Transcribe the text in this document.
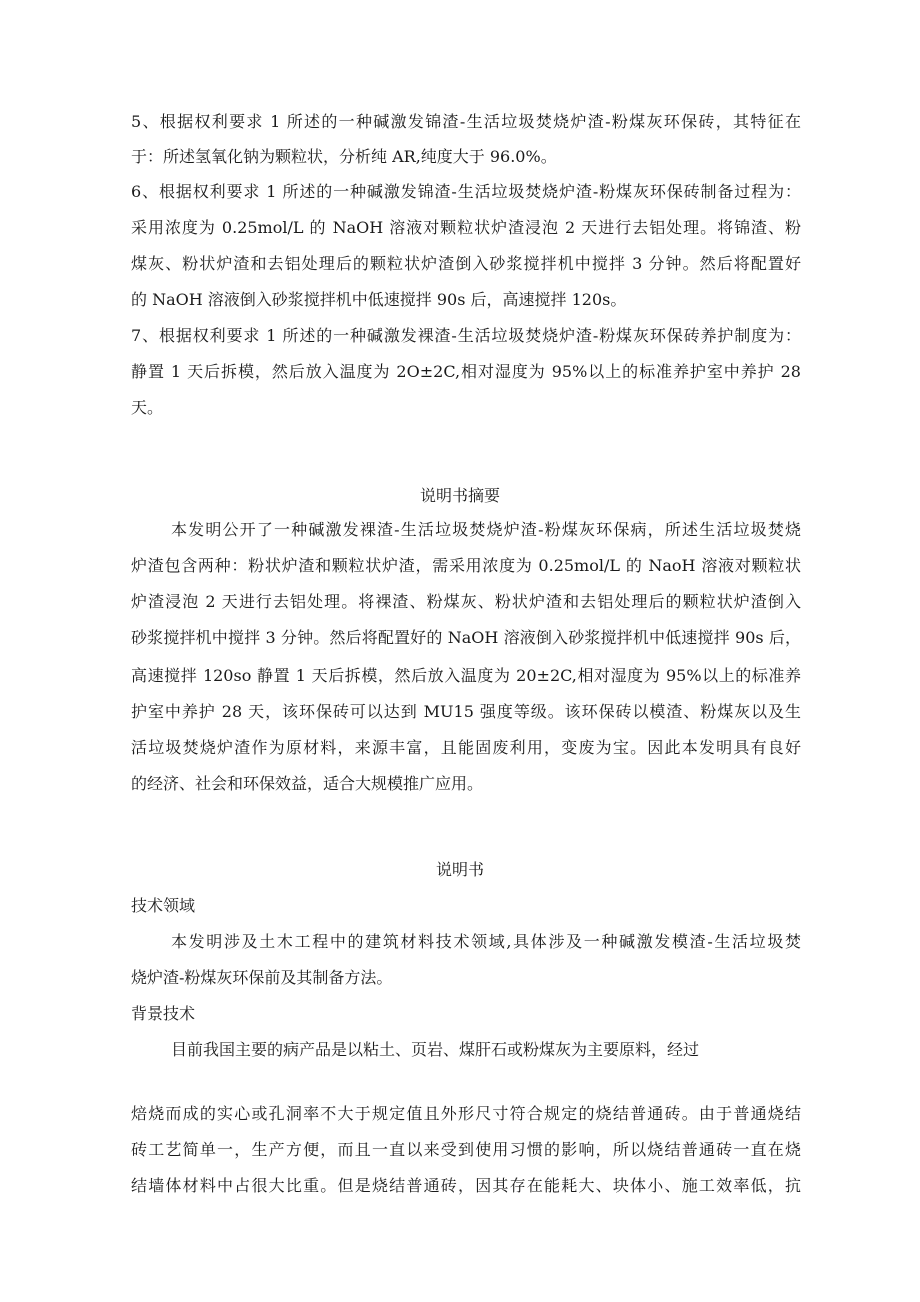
5、根据权利要求 1 所述的一种碱激发锦渣-生活垃圾焚烧炉渣-粉煤灰环保砖，其特征在
于：所述氢氧化钠为颗粒状，分析纯 AR,纯度大于 96.0%。
6、根据权利要求 1 所述的一种碱激发锦渣-生活垃圾焚烧炉渣-粉煤灰环保砖制备过程为：
采用浓度为 0.25mol/L 的 NaOH 溶液对颗粒状炉渣浸泡 2 天进行去铝处理。将锦渣、粉
煤灰、粉状炉渣和去铝处理后的颗粒状炉渣倒入砂浆搅拌机中搅拌 3 分钟。然后将配置好
的 NaOH 溶液倒入砂浆搅拌机中低速搅拌 90s 后，高速搅拌 120s。
7、根据权利要求 1 所述的一种碱激发裸渣-生活垃圾焚烧炉渣-粉煤灰环保砖养护制度为：
静置 1 天后拆模，然后放入温度为 2O±2C,相对湿度为 95%以上的标准养护室中养护 28
天。
说明书摘要
本发明公开了一种碱激发裸渣-生活垃圾焚烧炉渣-粉煤灰环保病，所述生活垃圾焚烧
炉渣包含两种：粉状炉渣和颗粒状炉渣，需采用浓度为 0.25mol/L 的 NaoH 溶液对颗粒状
炉渣浸泡 2 天进行去铝处理。将裸渣、粉煤灰、粉状炉渣和去铝处理后的颗粒状炉渣倒入
砂浆搅拌机中搅拌 3 分钟。然后将配置好的 NaOH 溶液倒入砂浆搅拌机中低速搅拌 90s 后，
高速搅拌 120so 静置 1 天后拆模，然后放入温度为 20±2C,相对湿度为 95%以上的标准养
护室中养护 28 天，该环保砖可以达到 MU15 强度等级。该环保砖以模渣、粉煤灰以及生
活垃圾焚烧炉渣作为原材料，来源丰富，且能固废利用，变废为宝。因此本发明具有良好
的经济、社会和环保效益，适合大规模推广应用。
说明书
技术领域
本发明涉及土木工程中的建筑材料技术领域,具体涉及一种碱激发模渣-生活垃圾焚
烧炉渣-粉煤灰环保前及其制备方法。
背景技术
目前我国主要的病产品是以粘土、页岩、煤肝石或粉煤灰为主要原料，经过
焙烧而成的实心或孔洞率不大于规定值且外形尺寸符合规定的烧结普通砖。由于普通烧结
砖工艺简单一，生产方便，而且一直以来受到使用习惯的影响，所以烧结普通砖一直在烧
结墙体材料中占很大比重。但是烧结普通砖，因其存在能耗大、块体小、施工效率低，抗
